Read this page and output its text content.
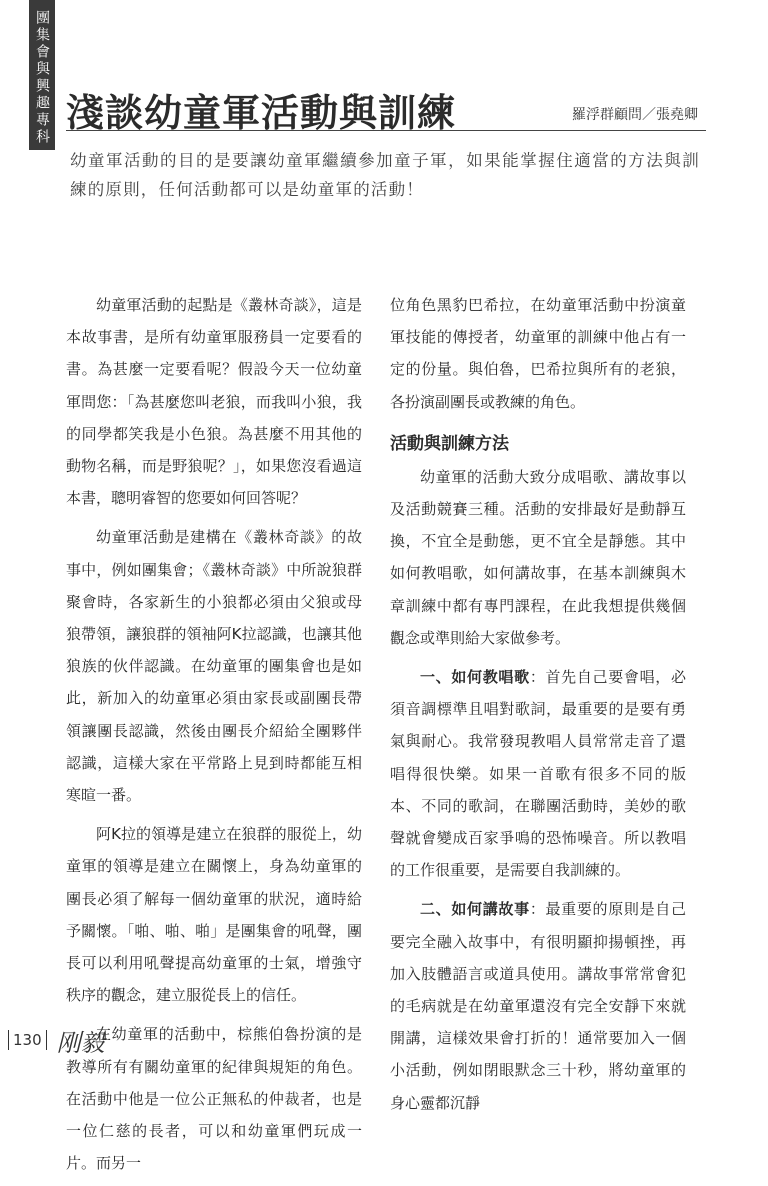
團集會與興趣專科 淺談幼童軍活動與訓練	羅浮群顧問／張堯卿

幼童軍活動的目的是要讓幼童軍繼續參加童子軍，如果能掌握住適當的方法與訓練的原則，任何活動都可以是幼童軍的活動！

幼童軍活動的起點是《叢林奇談》，這是本故事書，是所有幼童軍服務員一定要看的書。為甚麼一定要看呢？假設今天一位幼童軍問您：「為甚麼您叫老狼，而我叫小狼，我的同學都笑我是小色狼。為甚麼不用其他的動物名稱，而是野狼呢？」，如果您沒看過這本書，聰明睿智的您要如何回答呢？

幼童軍活動是建構在《叢林奇談》的故事中，例如團集會；《叢林奇談》中所說狼群聚會時，各家新生的小狼都必須由父狼或母狼帶領，讓狼群的領袖阿K拉認識，也讓其他狼族的伙伴認識。在幼童軍的團集會也是如此，新加入的幼童軍必須由家長或副團長帶領讓團長認識，然後由團長介紹給全團夥伴認識，這樣大家在平常路上見到時都能互相寒暄一番。

阿K拉的領導是建立在狼群的服從上，幼童軍的領導是建立在關懷上，身為幼童軍的團長必須了解每一個幼童軍的狀況，適時給予關懷。「啪、啪、啪」是團集會的吼聲，團長可以利用吼聲提高幼童軍的士氣，增強守秩序的觀念，建立服從長上的信任。

在幼童軍的活動中，棕熊伯魯扮演的是教導所有有關幼童軍的紀律與規矩的角色。在活動中他是一位公正無私的仲裁者，也是一位仁慈的長者，可以和幼童軍們玩成一片。而另一

位角色黑豹巴希拉，在幼童軍活動中扮演童軍技能的傳授者，幼童軍的訓練中他占有一定的份量。與伯魯，巴希拉與所有的老狼，各扮演副團長或教練的角色。

活動與訓練方法

幼童軍的活動大致分成唱歌、講故事以及活動競賽三種。活動的安排最好是動靜互換，不宜全是動態，更不宜全是靜態。其中如何教唱歌，如何講故事，在基本訓練與木章訓練中都有專門課程，在此我想提供幾個觀念或準則給大家做參考。

一、如何教唱歌：首先自己要會唱，必須音調標準且唱對歌詞，最重要的是要有勇氣與耐心。我常發現教唱人員常常走音了還唱得很快樂。如果一首歌有很多不同的版本、不同的歌詞，在聯團活動時，美妙的歌聲就會變成百家爭鳴的恐怖噪音。所以教唱的工作很重要，是需要自我訓練的。

二、如何講故事：最重要的原則是自己要完全融入故事中，有很明顯抑揚頓挫，再加入肢體語言或道具使用。講故事常常會犯的毛病就是在幼童軍還沒有完全安靜下來就開講，這樣效果會打折的！通常要加入一個小活動，例如閉眼默念三十秒，將幼童軍的身心靈都沉靜

130 刚毅
